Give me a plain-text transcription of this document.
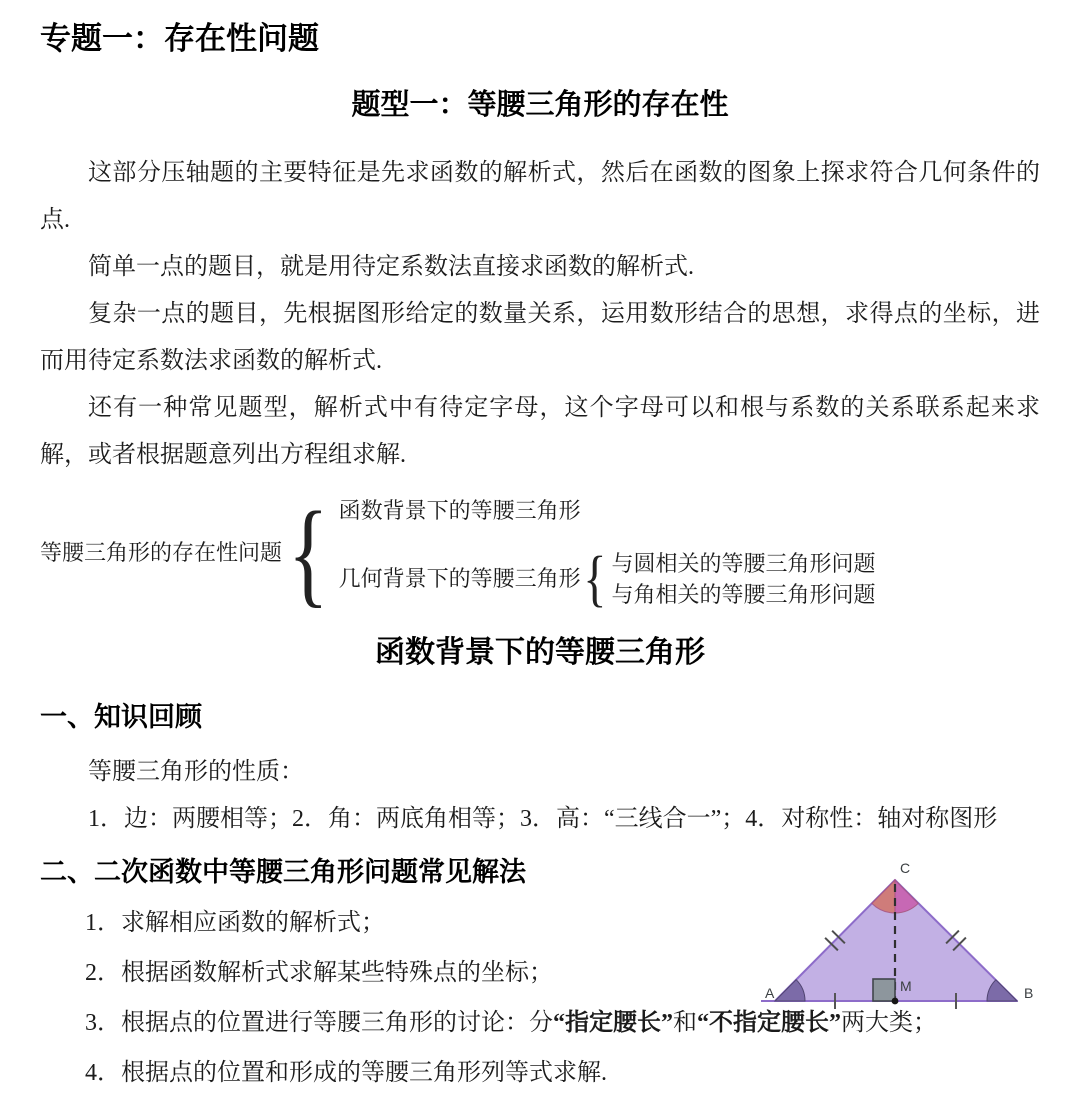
专题一：存在性问题
题型一：等腰三角形的存在性

这部分压轴题的主要特征是先求函数的解析式，然后在函数的图象上探求符合几何条件的点.

简单一点的题目，就是用待定系数法直接求函数的解析式.

复杂一点的题目，先根据图形给定的数量关系，运用数形结合的思想，求得点的坐标，进而用待定系数法求函数的解析式.

还有一种常见题型，解析式中有待定字母，这个字母可以和根与系数的关系联系起来求解，或者根据题意列出方程组求解.

等腰三角形的存在性问题 { 函数背景下的等腰三角形
几何背景下的等腰三角形 { 与圆相关的等腰三角形问题
与角相关的等腰三角形问题
函数背景下的等腰三角形
一、知识回顾

等腰三角形的性质：

1．边：两腰相等；2．角：两底角相等；3．高：“三线合一”；4．对称性：轴对称图形

二、二次函数中等腰三角形问题常见解法

1．求解相应函数的解析式；

2．根据函数解析式求解某些特殊点的坐标；

3．根据点的位置进行等腰三角形的讨论：分“指定腰长”和“不指定腰长”两大类；

4．根据点的位置和形成的等腰三角形列等式求解.

C
A	B
M
